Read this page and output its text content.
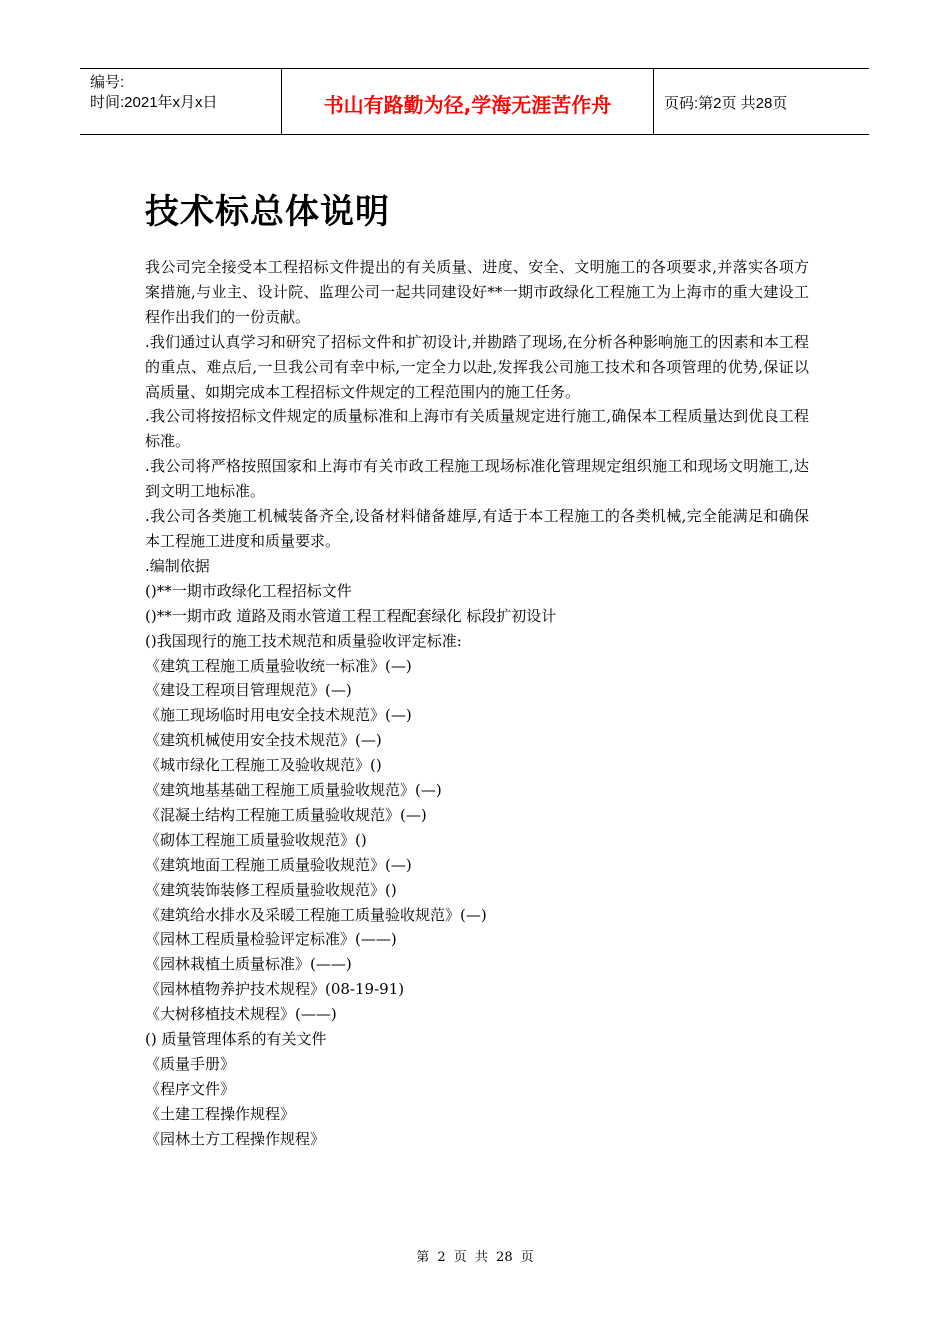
编号:
时间:2021年x月x日	书山有路勤为径,学海无涯苦作舟	页码:第2页 共28页
技术标总体说明

我公司完全接受本工程招标文件提出的有关质量、进度、安全、文明施工的各项要求,并落实各项方案措施,与业主、设计院、监理公司一起共同建设好**一期市政绿化工程施工为上海市的重大建设工程作出我们的一份贡献。

.我们通过认真学习和研究了招标文件和扩初设计,并勘踏了现场,在分析各种影响施工的因素和本工程的重点、难点后,一旦我公司有幸中标,一定全力以赴,发挥我公司施工技术和各项管理的优势,保证以高质量、如期完成本工程招标文件规定的工程范围内的施工任务。

.我公司将按招标文件规定的质量标准和上海市有关质量规定进行施工,确保本工程质量达到优良工程标准。

.我公司将严格按照国家和上海市有关市政工程施工现场标准化管理规定组织施工和现场文明施工,达到文明工地标准。

.我公司各类施工机械装备齐全,设备材料储备雄厚,有适于本工程施工的各类机械,完全能满足和确保本工程施工进度和质量要求。

.编制依据

()**一期市政绿化工程招标文件

()**一期市政 道路及雨水管道工程工程配套绿化 标段扩初设计

()我国现行的施工技术规范和质量验收评定标准:

《建筑工程施工质量验收统一标准》(—)

《建设工程项目管理规范》(—)

《施工现场临时用电安全技术规范》(—)

《建筑机械使用安全技术规范》(—)

《城市绿化工程施工及验收规范》()

《建筑地基基础工程施工质量验收规范》(—)

《混凝土结构工程施工质量验收规范》(—)

《砌体工程施工质量验收规范》()

《建筑地面工程施工质量验收规范》(—)

《建筑装饰装修工程质量验收规范》()

《建筑给水排水及采暖工程施工质量验收规范》(—)

《园林工程质量检验评定标准》(——)

《园林栽植土质量标准》(——)

《园林植物养护技术规程》(08-19-91)

《大树移植技术规程》(——)

() 质量管理体系的有关文件

《质量手册》

《程序文件》

《土建工程操作规程》

《园林土方工程操作规程》

第 2 页 共 28 页
